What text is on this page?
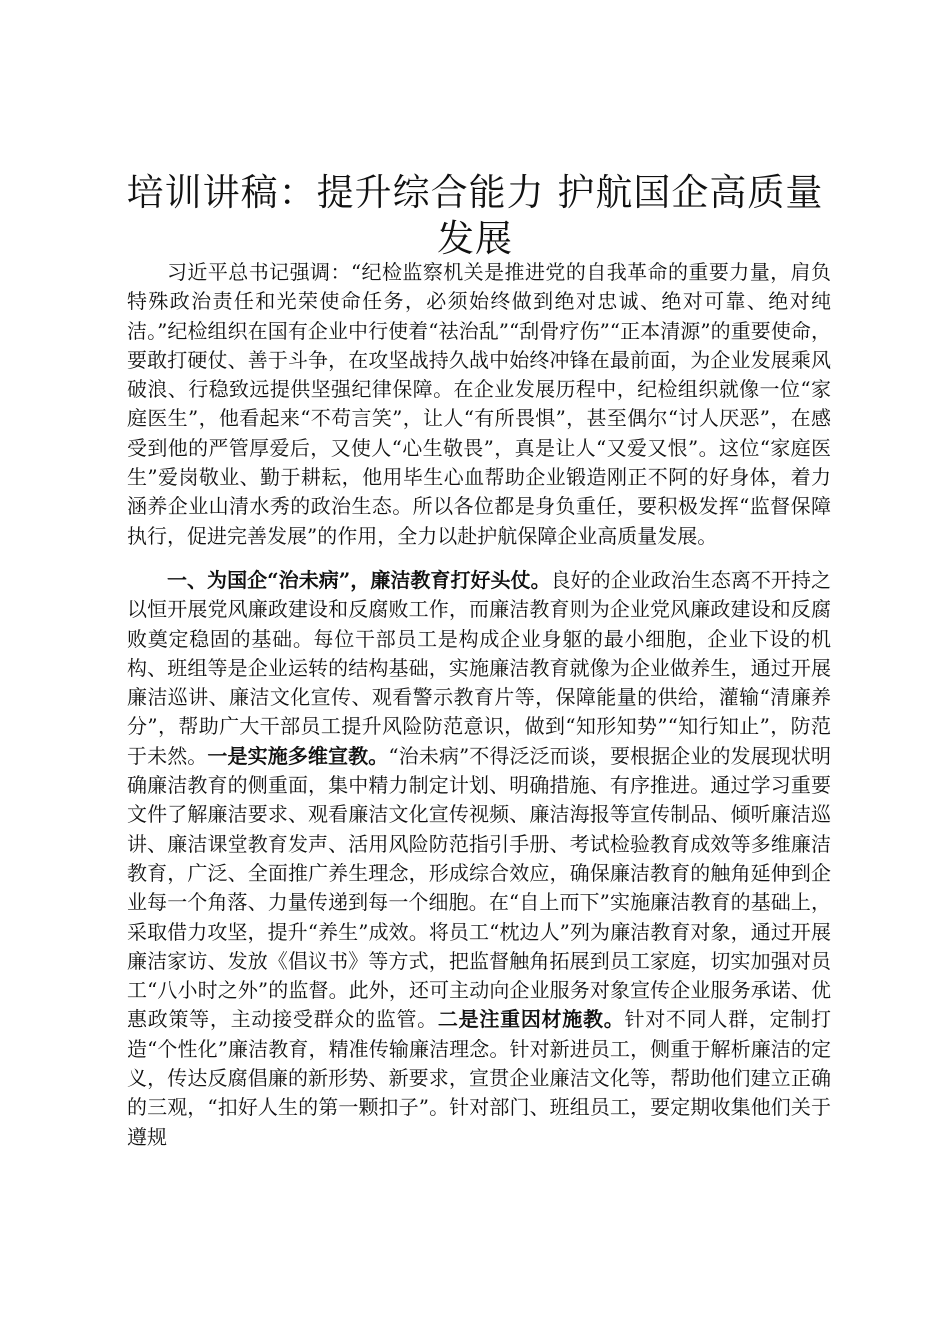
培训讲稿：提升综合能力 护航国企高质量发展

习近平总书记强调：“纪检监察机关是推进党的自我革命的重要力量，肩负特殊政治责任和光荣使命任务，必须始终做到绝对忠诚、绝对可靠、绝对纯洁。”纪检组织在国有企业中行使着“祛治乱”“刮骨疗伤”“正本清源”的重要使命，要敢打硬仗、善于斗争，在攻坚战持久战中始终冲锋在最前面，为企业发展乘风破浪、行稳致远提供坚强纪律保障。在企业发展历程中，纪检组织就像一位“家庭医生”，他看起来“不苟言笑”，让人“有所畏惧”，甚至偶尔“讨人厌恶”，在感受到他的严管厚爱后，又使人“心生敬畏”，真是让人“又爱又恨”。这位“家庭医生”爱岗敬业、勤于耕耘，他用毕生心血帮助企业锻造刚正不阿的好身体，着力涵养企业山清水秀的政治生态。所以各位都是身负重任，要积极发挥“监督保障执行，促进完善发展”的作用，全力以赴护航保障企业高质量发展。

一、为国企“治未病”，廉洁教育打好头仗。良好的企业政治生态离不开持之以恒开展党风廉政建设和反腐败工作，而廉洁教育则为企业党风廉政建设和反腐败奠定稳固的基础。每位干部员工是构成企业身躯的最小细胞，企业下设的机构、班组等是企业运转的结构基础，实施廉洁教育就像为企业做养生，通过开展廉洁巡讲、廉洁文化宣传、观看警示教育片等，保障能量的供给，灌输“清廉养分”，帮助广大干部员工提升风险防范意识，做到“知形知势”“知行知止”，防范于未然。一是实施多维宣教。“治未病”不得泛泛而谈，要根据企业的发展现状明确廉洁教育的侧重面，集中精力制定计划、明确措施、有序推进。通过学习重要文件了解廉洁要求、观看廉洁文化宣传视频、廉洁海报等宣传制品、倾听廉洁巡讲、廉洁课堂教育发声、活用风险防范指引手册、考试检验教育成效等多维廉洁教育，广泛、全面推广养生理念，形成综合效应，确保廉洁教育的触角延伸到企业每一个角落、力量传递到每一个细胞。在“自上而下”实施廉洁教育的基础上，采取借力攻坚，提升“养生”成效。将员工“枕边人”列为廉洁教育对象，通过开展廉洁家访、发放《倡议书》等方式，把监督触角拓展到员工家庭，切实加强对员工“八小时之外”的监督。此外，还可主动向企业服务对象宣传企业服务承诺、优惠政策等，主动接受群众的监管。二是注重因材施教。针对不同人群，定制打造“个性化”廉洁教育，精准传输廉洁理念。针对新进员工，侧重于解析廉洁的定义，传达反腐倡廉的新形势、新要求，宣贯企业廉洁文化等，帮助他们建立正确的三观，“扣好人生的第一颗扣子”。针对部门、班组员工，要定期收集他们关于遵规
